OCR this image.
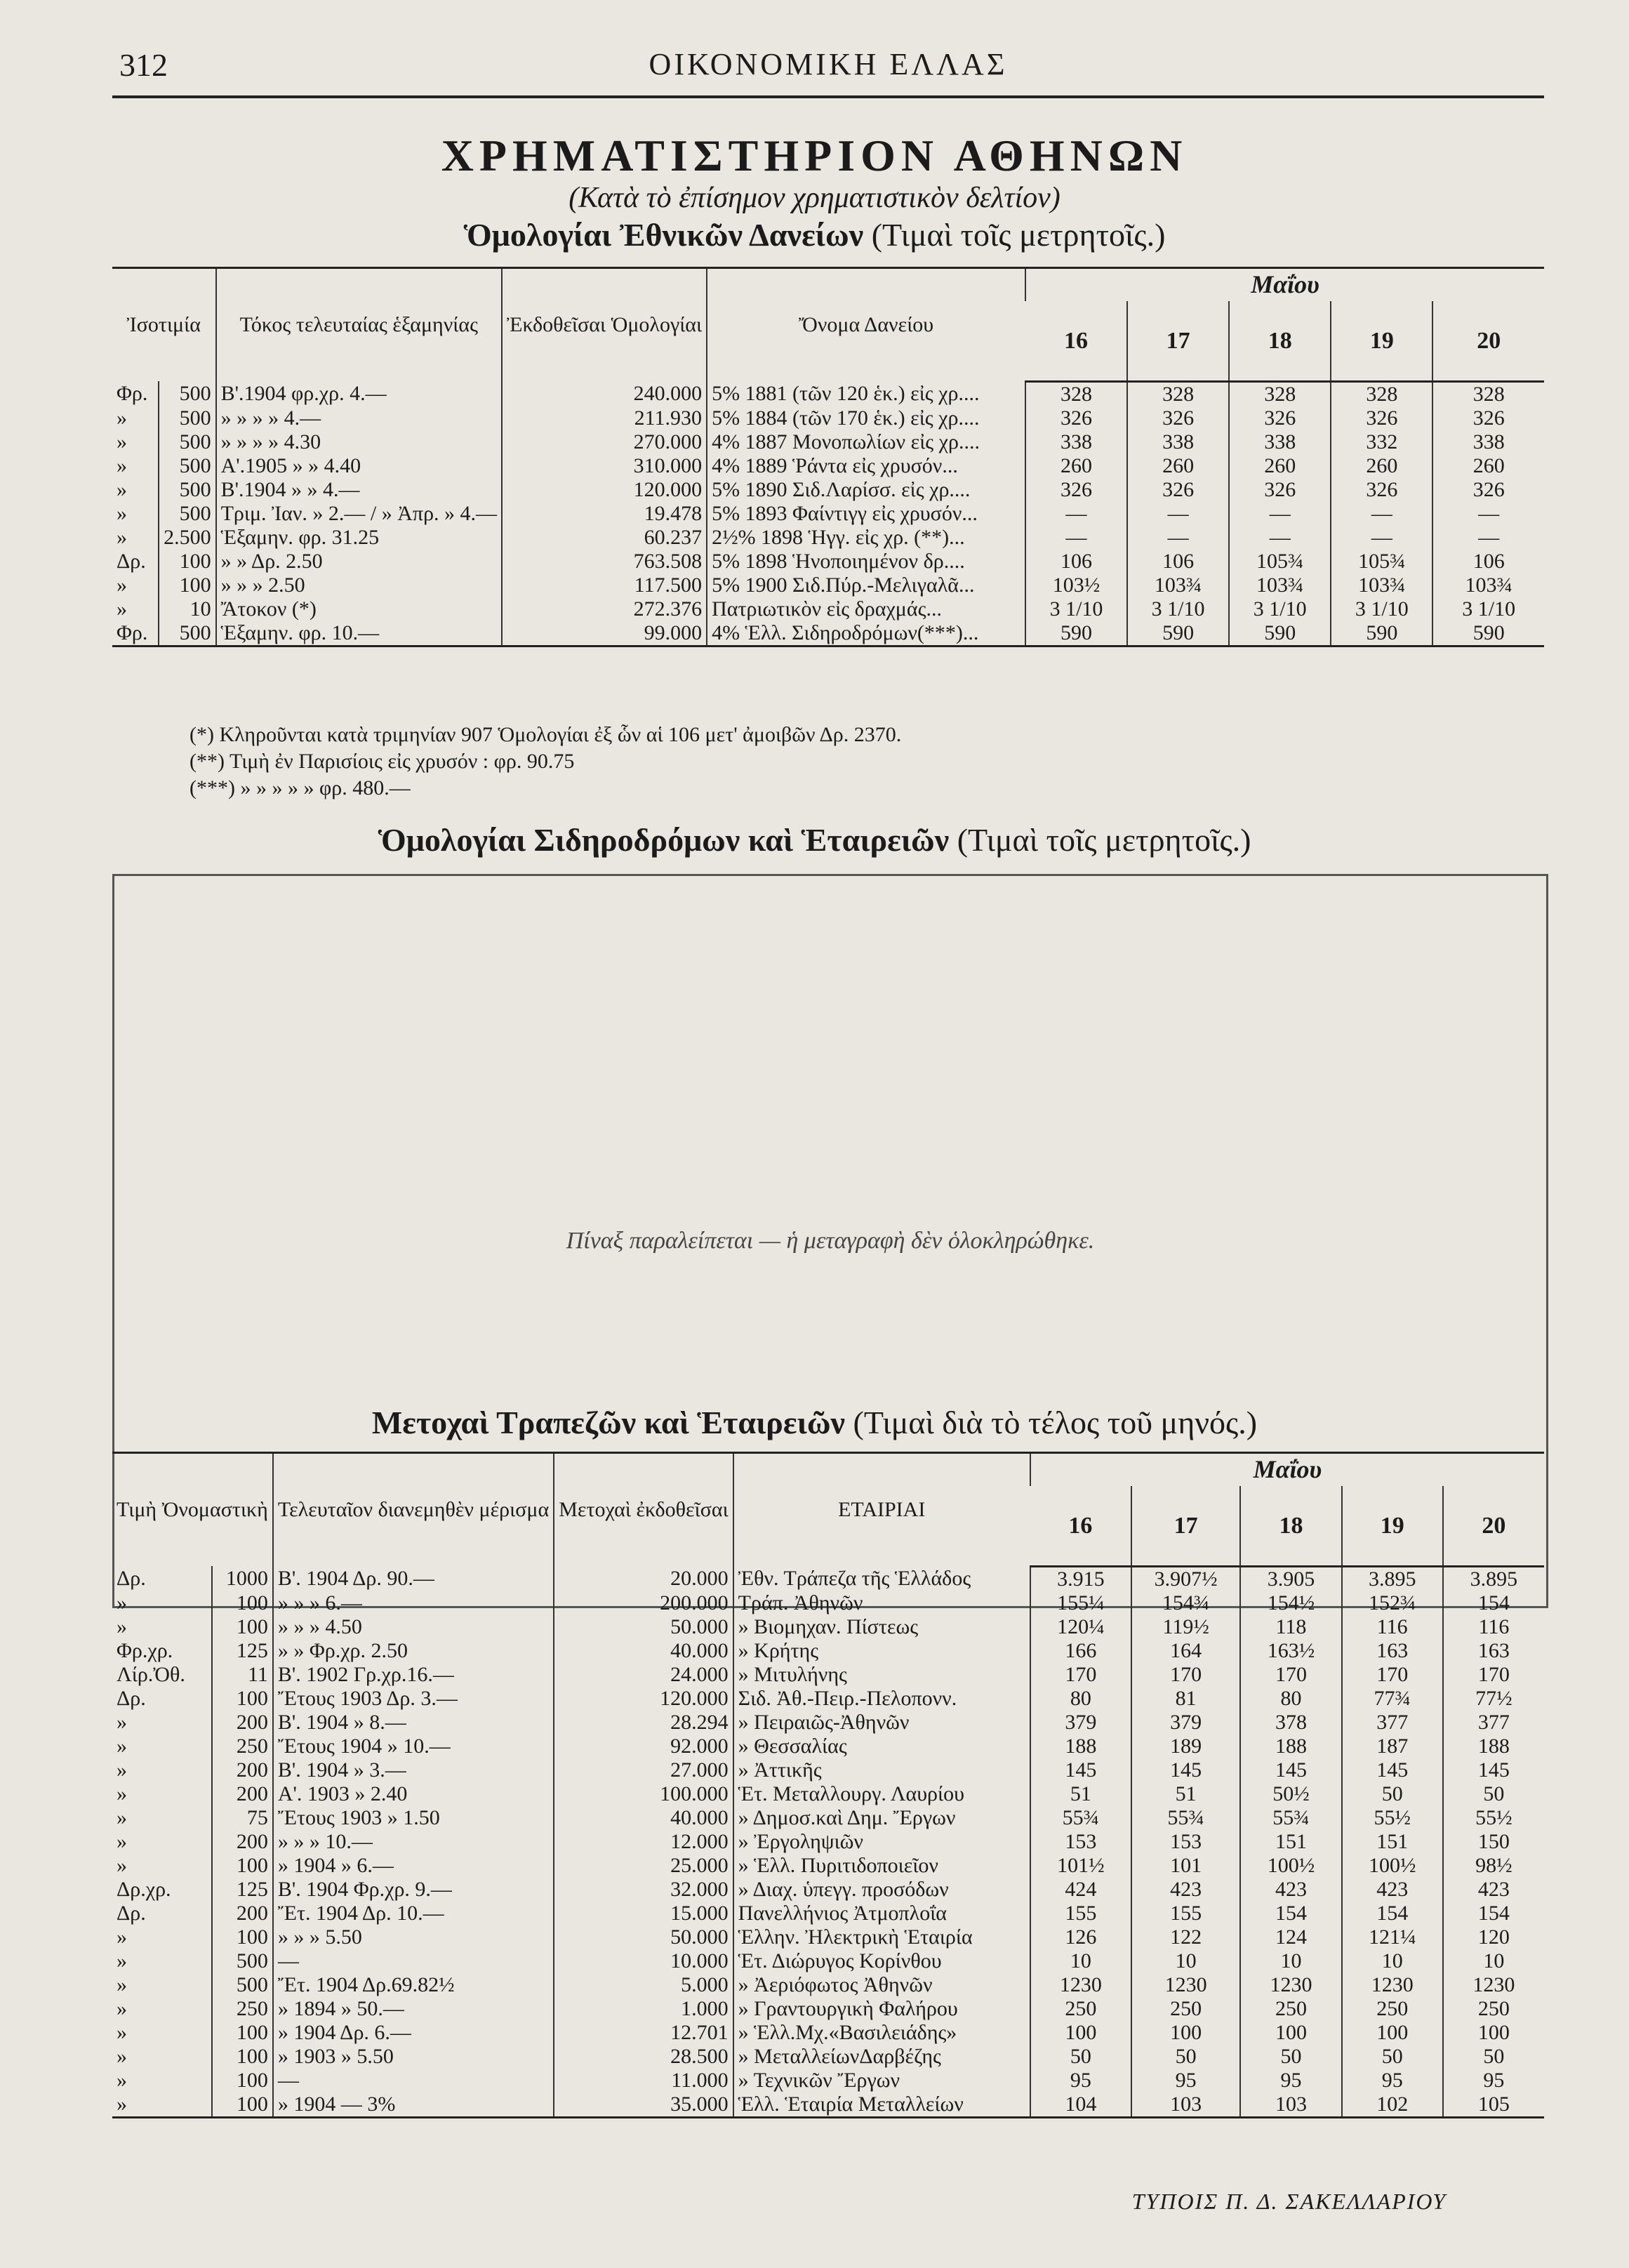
312	ΟΙΚΟΝΟΜΙΚΗ ΕΛΛΑΣ
ΧΡΗΜΑΤΙΣΤΗΡΙΟΝ ΑΘΗΝΩΝ
(Κατὰ τὸ ἐπίσημον χρηματιστικὸν δελτίον)
Ὁμολογίαι Ἐθνικῶν Δανείων (Τιμαὶ τοῖς μετρητοῖς.)
Ἰσοτιμία		Τόκος τελευταίας ἑξαμηνίας	Ἐκδοθεῖσαι Ὁμολογίαι	Ὄνομα Δανείου	Μαΐου				
					16	17	18	19	20
Φρ.	500	Β'.1904 φρ.χρ. 4.—	240.000	5% 1881 (τῶν 120 ἑκ.) εἰς χρ....	328	328	328	328	328
»	500	» » » » 4.—	211.930	5% 1884 (τῶν 170 ἑκ.) εἰς χρ....	326	326	326	326	326
»	500	» » » » 4.30	270.000	4% 1887 Μονοπωλίων εἰς χρ....	338	338	338	332	338
»	500	Α'.1905 » » 4.40	310.000	4% 1889 Ῥάντα εἰς χρυσόν...	260	260	260	260	260
»	500	Β'.1904 » » 4.—	120.000	5% 1890 Σιδ.Λαρίσσ. εἰς χρ....	326	326	326	326	326
»	500	Τριμ. Ἰαν. » 2.— / » Ἀπρ. » 4.—	19.478	5% 1893 Φαίντιγγ εἰς χρυσόν...	—	—	—	—	—
»	2.500	Ἑξαμην. φρ. 31.25	60.237	2½% 1898 Ἡγγ. εἰς χρ. (**)...	—	—	—	—	—
Δρ.	100	» » Δρ. 2.50	763.508	5% 1898 Ἡνοποιημένον δρ....	106	106	105¾	105¾	106
»	100	» » » 2.50	117.500	5% 1900 Σιδ.Πύρ.-Μελιγαλᾶ...	103½	103¾	103¾	103¾	103¾
»	10	Ἄτοκον (*)	272.376	Πατριωτικὸν εἰς δραχμάς...	3 1/10	3 1/10	3 1/10	3 1/10	3 1/10
Φρ.	500	Ἑξαμην. φρ. 10.—	99.000	4% Ἑλλ. Σιδηροδρόμων(***)...	590	590	590	590	590
(*) Κληροῦνται κατὰ τριμηνίαν 907 Ὁμολογίαι ἐξ ὧν αἱ 106 μετ' ἀμοιβῶν Δρ. 2370.
(**) Τιμὴ ἐν Παρισίοις εἰς χρυσόν : φρ. 90.75
(***) » » » » » φρ. 480.—
Ὁμολογίαι Σιδηροδρόμων καὶ Ἑταιρειῶν (Τιμαὶ τοῖς μετρητοῖς.)
Πίναξ παραλείπεται — ἡ μεταγραφὴ δὲν ὁλοκληρώθηκε.
Μετοχαὶ Τραπεζῶν καὶ Ἑταιρειῶν (Τιμαὶ διὰ τὸ τέλος τοῦ μηνός.)
Τιμὴ Ὀνομαστικὴ		Τελευταῖον διανεμηθὲν μέρισμα	Μετοχαὶ ἐκδοθεῖσαι	ΕΤΑΙΡΙΑΙ	Μαΐου				
					16	17	18	19	20
Δρ.	1000	Β'. 1904 Δρ. 90.—	20.000	Ἐθν. Τράπεζα τῆς Ἑλλάδος	3.915	3.907½	3.905	3.895	3.895
»	100	» » » 6.—	200.000	Τράπ. Ἀθηνῶν	155¼	154¾	154½	152¾	154
»	100	» » » 4.50	50.000	» Βιομηχαν. Πίστεως	120¼	119½	118	116	116
Φρ.χρ.	125	» » Φρ.χρ. 2.50	40.000	» Κρήτης	166	164	163½	163	163
Λίρ.Ὀθ.	11	Β'. 1902 Γρ.χρ.16.—	24.000	» Μιτυλήνης	170	170	170	170	170
Δρ.	100	Ἔτους 1903 Δρ. 3.—	120.000	Σιδ. Ἀθ.-Πειρ.-Πελοπονν.	80	81	80	77¾	77½
»	200	Β'. 1904 » 8.—	28.294	» Πειραιῶς-Ἀθηνῶν	379	379	378	377	377
»	250	Ἔτους 1904 » 10.—	92.000	» Θεσσαλίας	188	189	188	187	188
»	200	Β'. 1904 » 3.—	27.000	» Ἀττικῆς	145	145	145	145	145
»	200	Α'. 1903 » 2.40	100.000	Ἑτ. Μεταλλουργ. Λαυρίου	51	51	50½	50	50
»	75	Ἔτους 1903 » 1.50	40.000	» Δημοσ.καὶ Δημ. Ἔργων	55¾	55¾	55¾	55½	55½
»	200	» » » 10.—	12.000	» Ἐργοληψιῶν	153	153	151	151	150
»	100	» 1904 » 6.—	25.000	» Ἑλλ. Πυριτιδοποιεῖον	101½	101	100½	100½	98½
Δρ.χρ.	125	Β'. 1904 Φρ.χρ. 9.—	32.000	» Διαχ. ὑπεγγ. προσόδων	424	423	423	423	423
Δρ.	200	Ἔτ. 1904 Δρ. 10.—	15.000	Πανελλήνιος Ἀτμοπλοΐα	155	155	154	154	154
»	100	» » » 5.50	50.000	Ἑλλην. Ἠλεκτρικὴ Ἑταιρία	126	122	124	121¼	120
»	500	—	10.000	Ἑτ. Διώρυγος Κορίνθου	10	10	10	10	10
»	500	Ἔτ. 1904 Δρ.69.82½	5.000	» Ἀεριόφωτος Ἀθηνῶν	1230	1230	1230	1230	1230
»	250	» 1894 » 50.—	1.000	» Γραντουργικὴ Φαλήρου	250	250	250	250	250
»	100	» 1904 Δρ. 6.—	12.701	» Ἑλλ.Μχ.«Βασιλειάδης»	100	100	100	100	100
»	100	» 1903 » 5.50	28.500	» ΜεταλλείωνΔαρβέζης	50	50	50	50	50
»	100	—	11.000	» Τεχνικῶν Ἔργων	95	95	95	95	95
»	100	» 1904 — 3%	35.000	Ἑλλ. Ἑταιρία Μεταλλείων	104	103	103	102	105
ΤΥΠΟΙΣ Π. Δ. ΣΑΚΕΛΛΑΡΙΟΥ
